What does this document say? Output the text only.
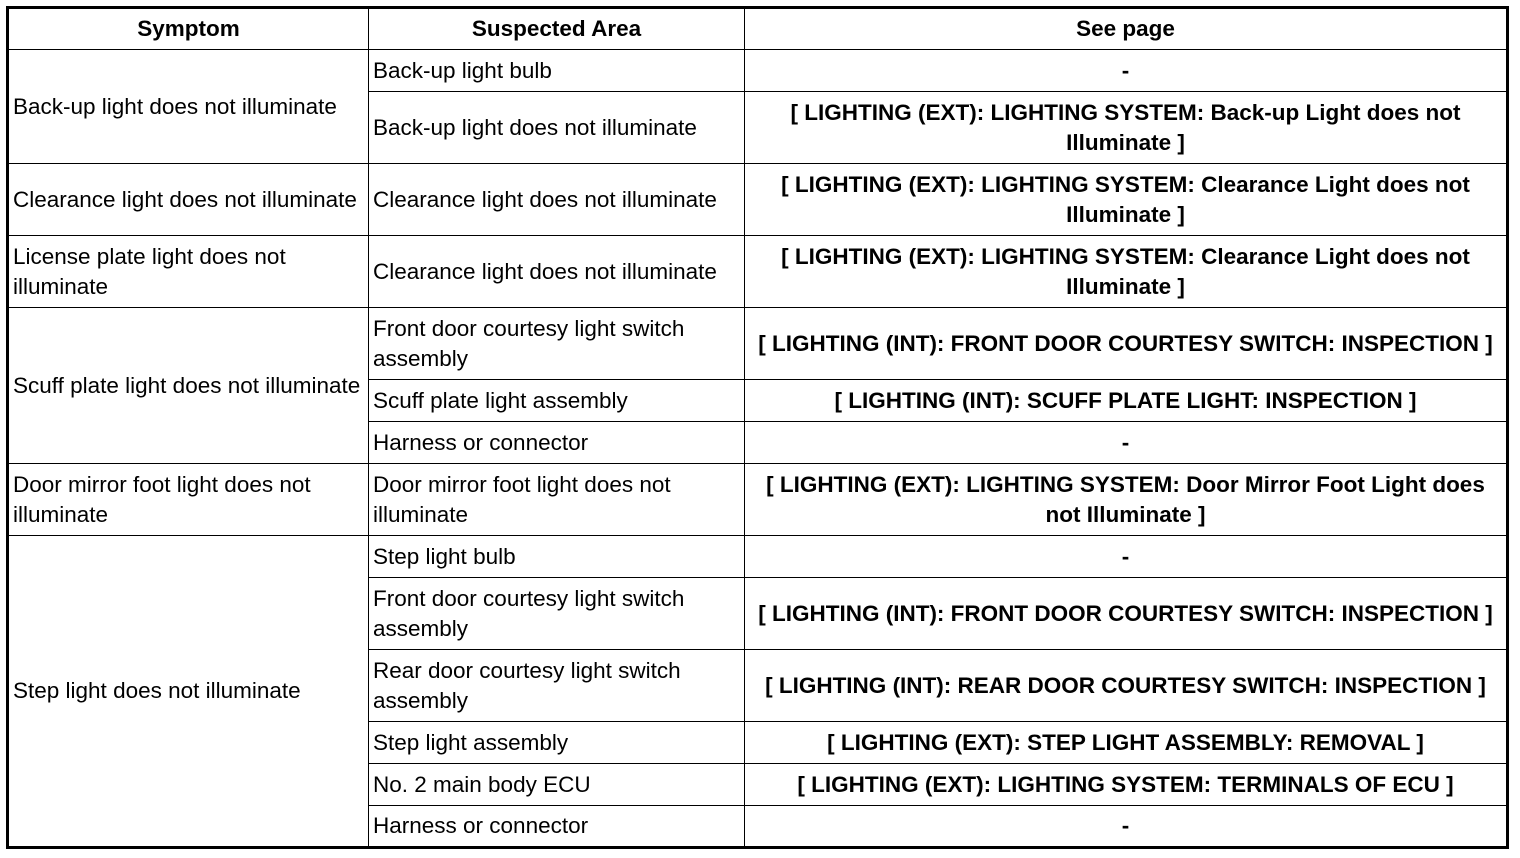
Symptom	Suspected Area	See page
Back-up light does not illuminate	Back-up light bulb	-
	Back-up light does not illuminate	[ LIGHTING (EXT): LIGHTING SYSTEM: Back-up Light does not Illuminate ]
Clearance light does not illuminate	Clearance light does not illuminate	[ LIGHTING (EXT): LIGHTING SYSTEM: Clearance Light does not Illuminate ]
License plate light does not illuminate	Clearance light does not illuminate	[ LIGHTING (EXT): LIGHTING SYSTEM: Clearance Light does not Illuminate ]
Scuff plate light does not illuminate	Front door courtesy light switch assembly	[ LIGHTING (INT): FRONT DOOR COURTESY SWITCH: INSPECTION ]
	Scuff plate light assembly	[ LIGHTING (INT): SCUFF PLATE LIGHT: INSPECTION ]
	Harness or connector	-
Door mirror foot light does not illuminate	Door mirror foot light does not illuminate	[ LIGHTING (EXT): LIGHTING SYSTEM: Door Mirror Foot Light does not Illuminate ]
Step light does not illuminate	Step light bulb	-
	Front door courtesy light switch assembly	[ LIGHTING (INT): FRONT DOOR COURTESY SWITCH: INSPECTION ]
	Rear door courtesy light switch assembly	[ LIGHTING (INT): REAR DOOR COURTESY SWITCH: INSPECTION ]
	Step light assembly	[ LIGHTING (EXT): STEP LIGHT ASSEMBLY: REMOVAL ]
	No. 2 main body ECU	[ LIGHTING (EXT): LIGHTING SYSTEM: TERMINALS OF ECU ]
	Harness or connector	-
